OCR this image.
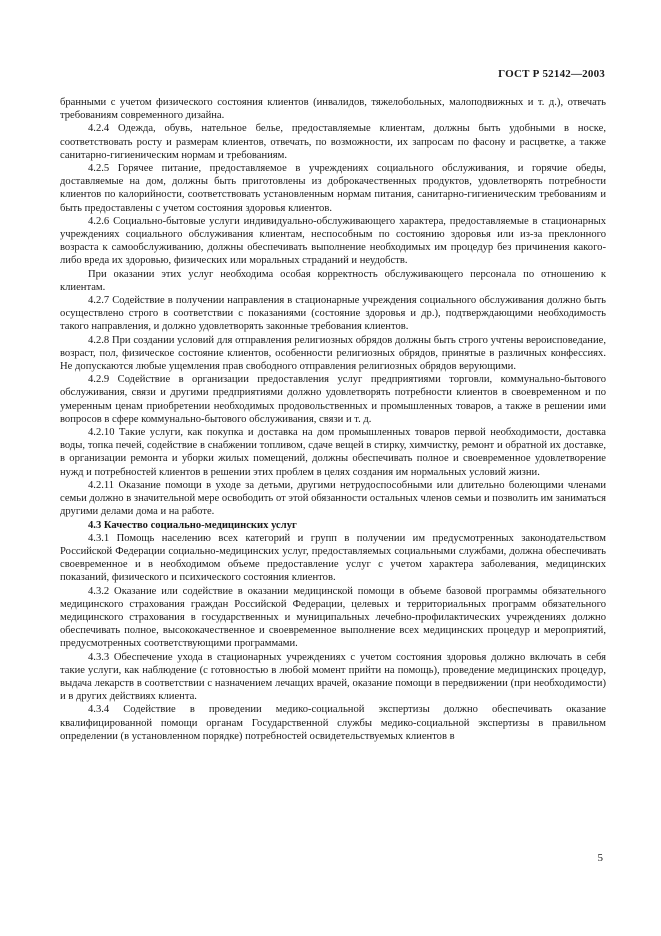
ГОСТ Р 52142—2003

бранными с учетом физического состояния клиентов (инвалидов, тяжелобольных, малоподвижных и т. д.), отвечать требованиям современного дизайна.

4.2.4 Одежда, обувь, нательное белье, предоставляемые клиентам, должны быть удобными в носке, соответствовать росту и размерам клиентов, отвечать, по возможности, их запросам по фасону и расцветке, а также санитарно-гигиеническим нормам и требованиям.

4.2.5 Горячее питание, предоставляемое в учреждениях социального обслуживания, и горячие обеды, доставляемые на дом, должны быть приготовлены из доброкачественных продуктов, удовлетворять потребности клиентов по калорийности, соответствовать установленным нормам питания, санитарно-гигиеническим требованиям и быть предоставлены с учетом состояния здоровья клиентов.

4.2.6 Социально-бытовые услуги индивидуально-обслуживающего характера, предоставляемые в стационарных учреждениях социального обслуживания клиентам, неспособным по состоянию здоровья или из-за преклонного возраста к самообслуживанию, должны обеспечивать выполнение необходимых им процедур без причинения какого-либо вреда их здоровью, физических или моральных страданий и неудобств.

При оказании этих услуг необходима особая корректность обслуживающего персонала по отношению к клиентам.

4.2.7 Содействие в получении направления в стационарные учреждения социального обслуживания должно быть осуществлено строго в соответствии с показаниями (состояние здоровья и др.), подтверждающими необходимость такого направления, и должно удовлетворять законные требования клиентов.

4.2.8 При создании условий для отправления религиозных обрядов должны быть строго учтены вероисповедание, возраст, пол, физическое состояние клиентов, особенности религиозных обрядов, принятые в различных конфессиях. Не допускаются любые ущемления прав свободного отправления религиозных обрядов верующими.

4.2.9 Содействие в организации предоставления услуг предприятиями торговли, коммунально-бытового обслуживания, связи и другими предприятиями должно удовлетворять потребности клиентов в своевременном и по умеренным ценам приобретении необходимых продовольственных и промышленных товаров, а также в решении ими вопросов в сфере коммунально-бытового обслуживания, связи и т. д.

4.2.10 Такие услуги, как покупка и доставка на дом промышленных товаров первой необходимости, доставка воды, топка печей, содействие в снабжении топливом, сдаче вещей в стирку, химчистку, ремонт и обратной их доставке, в организации ремонта и уборки жилых помещений, должны обеспечивать полное и своевременное удовлетворение нужд и потребностей клиентов в решении этих проблем в целях создания им нормальных условий жизни.

4.2.11 Оказание помощи в уходе за детьми, другими нетрудоспособными или длительно болеющими членами семьи должно в значительной мере освободить от этой обязанности остальных членов семьи и позволить им заниматься другими делами дома и на работе.

4.3 Качество социально-медицинских услуг

4.3.1 Помощь населению всех категорий и групп в получении им предусмотренных законодательством Российской Федерации социально-медицинских услуг, предоставляемых социальными службами, должна обеспечивать своевременное и в необходимом объеме предоставление услуг с учетом характера заболевания, медицинских показаний, физического и психического состояния клиентов.

4.3.2 Оказание или содействие в оказании медицинской помощи в объеме базовой программы обязательного медицинского страхования граждан Российской Федерации, целевых и территориальных программ обязательного медицинского страхования в государственных и муниципальных лечебно-профилактических учреждениях должно обеспечивать полное, высококачественное и своевременное выполнение всех медицинских процедур и мероприятий, предусмотренных соответствующими программами.

4.3.3 Обеспечение ухода в стационарных учреждениях с учетом состояния здоровья должно включать в себя такие услуги, как наблюдение (с готовностью в любой момент прийти на помощь), проведение медицинских процедур, выдача лекарств в соответствии с назначением лечащих врачей, оказание помощи в передвижении (при необходимости) и в других действиях клиента.

4.3.4 Содействие в проведении медико-социальной экспертизы должно обеспечивать оказание квалифицированной помощи органам Государственной службы медико-социальной экспертизы в правильном определении (в установленном порядке) потребностей освидетельствуемых клиентов в

5
